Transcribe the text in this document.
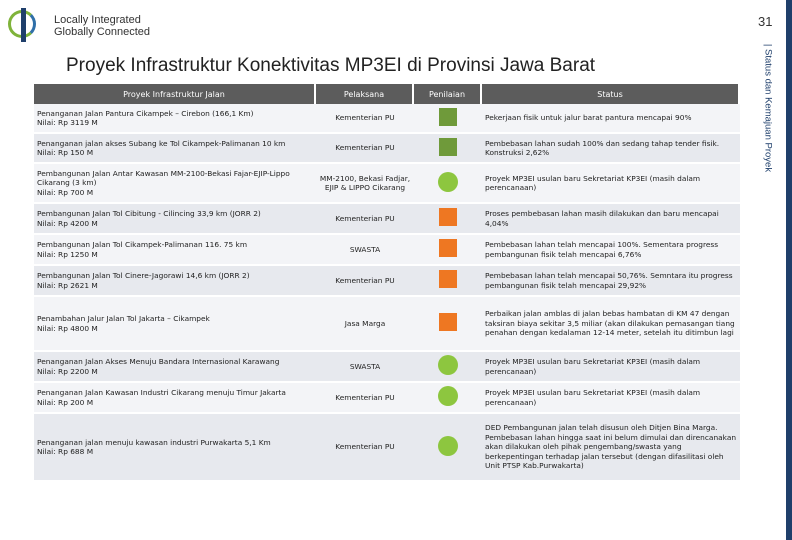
Locally Integrated
Globally Connected
31
| Status dan Kemajuan Proyek
Proyek Infrastruktur Konektivitas MP3EI di Provinsi Jawa Barat
Proyek Infrastruktur Jalan	Pelaksana	Penilaian	Status

Penanganan Jalan Pantura Cikampek – Cirebon (166,1 Km)
Nilai: Rp 3119 M	Kementerian PU		Pekerjaan fisik untuk jalur barat pantura mencapai 90%

Penanganan jalan akses Subang ke Tol Cikampek-Palimanan 10 km
Nilai: Rp 150 M	Kementerian PU		Pembebasan lahan sudah 100% dan sedang tahap tender fisik. Konstruksi 2,62%

Pembangunan Jalan Antar Kawasan MM-2100-Bekasi Fajar-EJIP-Lippo Cikarang (3 km)
Nilai: Rp 700 M	MM-2100, Bekasi Fadjar, EJIP & LIPPO Cikarang		Proyek MP3EI usulan baru Sekretariat KP3EI (masih dalam perencanaan)

Pembangunan Jalan Tol Cibitung - Cilincing 33,9 km (JORR 2)
Nilai: Rp 4200 M	Kementerian PU		Proses pembebasan lahan masih dilakukan dan baru mencapai 4,04%

Pembangunan Jalan Tol Cikampek-Palimanan 116. 75 km
Nilai: Rp 1250 M	SWASTA		Pembebasan lahan telah mencapai 100%. Sementara progress pembangunan fisik telah mencapai 6,76%

Pembangunan Jalan Tol Cinere-Jagorawi 14,6 km (JORR 2)
Nilai: Rp 2621 M	Kementerian PU		Pembebasan lahan telah mencapai 50,76%. Semntara itu progress pembangunan fisik telah mencapai 29,92%

Penambahan Jalur Jalan Tol Jakarta – Cikampek
Nilai: Rp 4800 M	Jasa Marga		Perbaikan jalan amblas di jalan bebas hambatan di KM 47 dengan taksiran biaya sekitar 3,5 miliar (akan dilakukan pemasangan tiang penahan dengan kedalaman 12-14 meter, setelah itu ditimbun lagi

Penanganan Jalan Akses Menuju Bandara Internasional Karawang
Nilai: Rp 2200 M	SWASTA		Proyek MP3EI usulan baru Sekretariat KP3EI (masih dalam perencanaan)

Penanganan Jalan Kawasan Industri Cikarang menuju Timur Jakarta
Nilai: Rp 200 M	Kementerian PU		Proyek MP3EI usulan baru Sekretariat KP3EI (masih dalam perencanaan)

Penanganan jalan menuju kawasan industri Purwakarta 5,1 Km
Nilai: Rp 688 M	Kementerian PU		DED Pembangunan jalan telah disusun oleh Ditjen Bina Marga. Pembebasan lahan hingga saat ini belum dimulai dan direncanakan akan dilakukan oleh pihak pengembang/swasta yang berkepentingan terhadap jalan tersebut (dengan difasilitasi oleh Unit PTSP Kab.Purwakarta)
